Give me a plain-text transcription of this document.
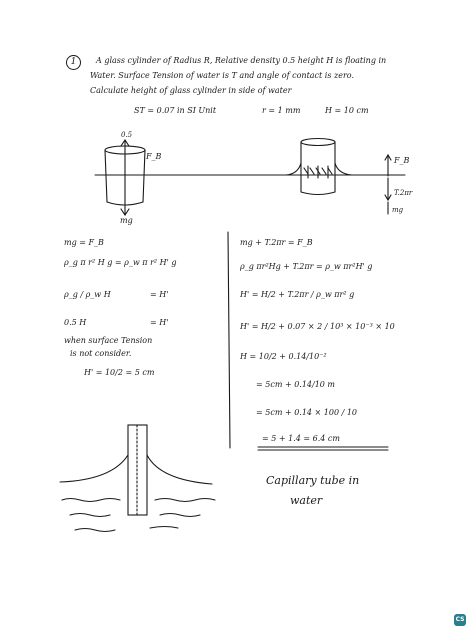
1	A glass cylinder of Radius R, Relative density 0.5 height H is floating in
Water. Surface Tension of water is T and angle of contact is zero.
Calculate height of glass cylinder in side of water
ST = 0.07 in SI Unit	r = 1 mm	H = 10 cm
0.5
F_B
mg
F_B
T.2πr
mg
mg = F_B
ρ_g π r² H g = ρ_w π r² H' g
ρ_g / ρ_w H	= H'
0.5 H	= H'
when surface Tension
is not consider.
H' = 10/2 = 5 cm
mg + T.2πr = F_B
ρ_g πr²Hg + T.2πr = ρ_w πr²H' g
H' = H/2 + T.2πr / ρ_w πr² g
H' = H/2 + 0.07 × 2 / 10³ × 10⁻³ × 10
H = 10/2 + 0.14/10⁻²
= 5cm + 0.14/10 m
= 5cm + 0.14 × 100 / 10
= 5 + 1.4 = 6.4 cm
Capillary tube in
water
CS
